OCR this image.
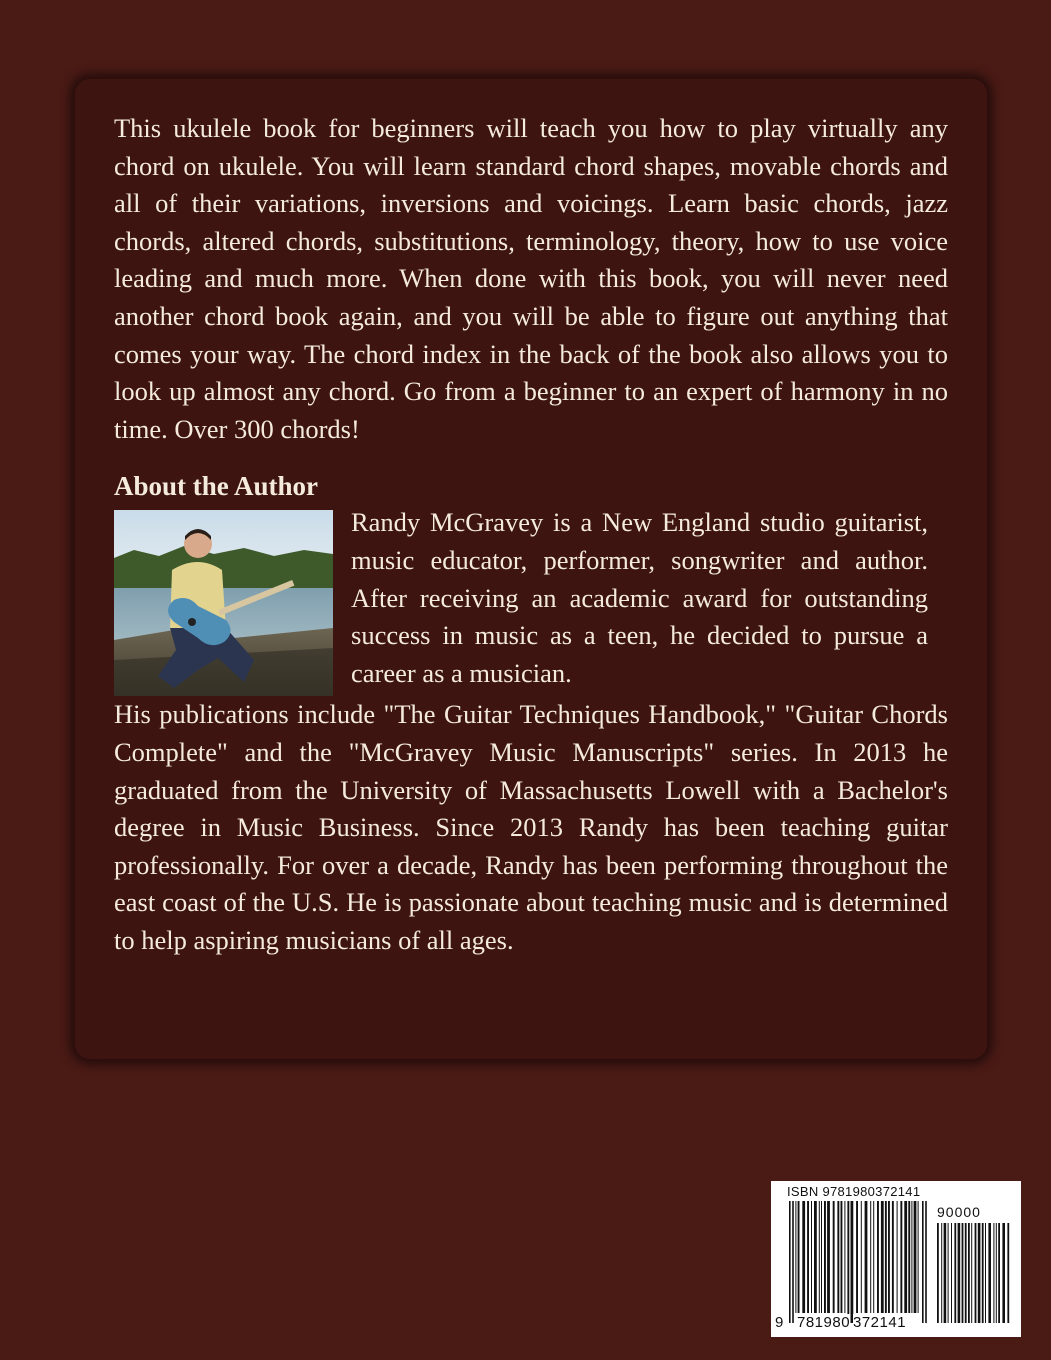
This ukulele book for beginners will teach you how to play virtually any chord on ukulele. You will learn standard chord shapes, movable chords and all of their variations, inversions and voicings. Learn basic chords, jazz chords, altered chords, substitutions, terminology, theory, how to use voice leading and much more. When done with this book, you will never need another chord book again, and you will be able to figure out anything that comes your way. The chord index in the back of the book also allows you to look up almost any chord. Go from a beginner to an expert of harmony in no time. Over 300 chords!

About the Author

Randy McGravey is a New England studio guitarist, music educator, performer, songwriter and author. After receiving an academic award for outstanding success in music as a teen, he decided to pursue a career as a musician.

His publications include "The Guitar Techniques Handbook," "Guitar Chords Complete" and the "McGravey Music Manuscripts" series. In 2013 he graduated from the University of Massachusetts Lowell with a Bachelor's degree in Music Business. Since 2013 Randy has been teaching guitar professionally. For over a decade, Randy has been performing throughout the east coast of the U.S. He is passionate about teaching music and is determined to help aspiring musicians of all ages.

ISBN 9781980372141
90000
9 781980 372141
